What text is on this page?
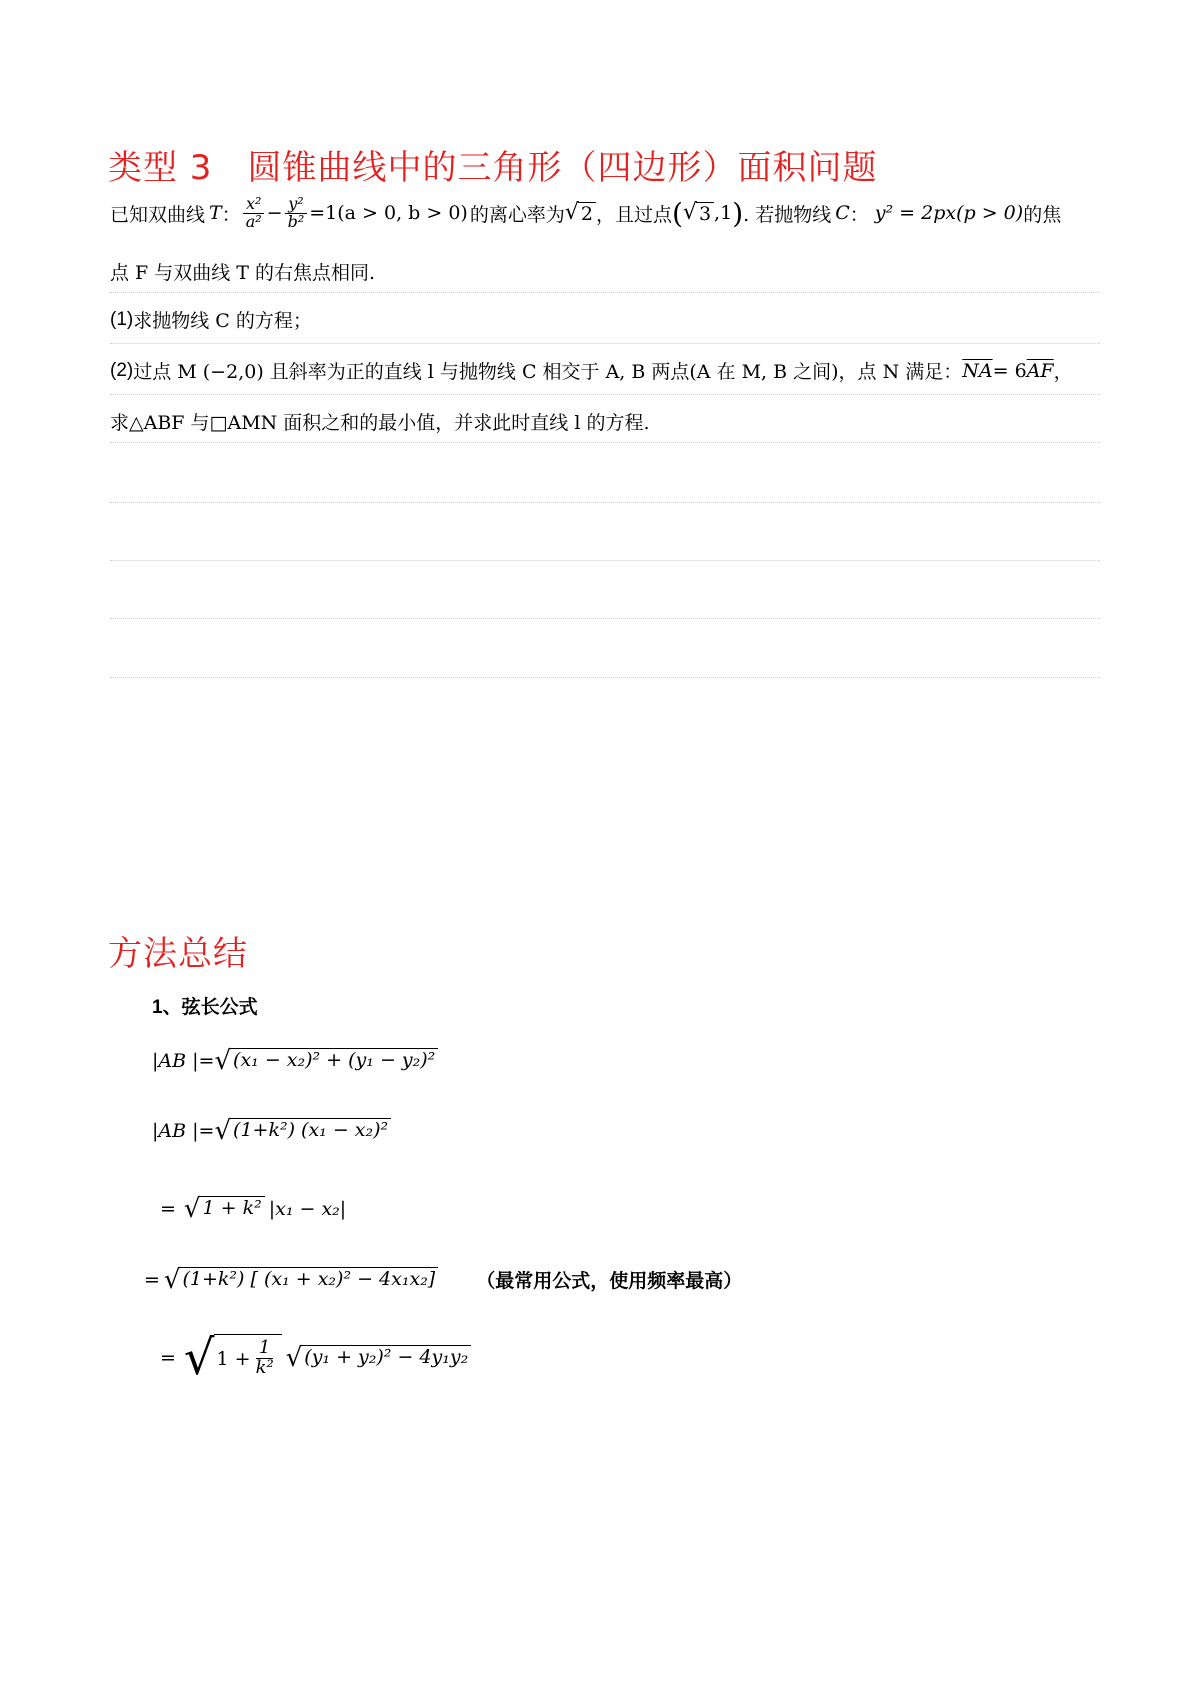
类型 3　圆锥曲线中的三角形（四边形）面积问题
已知双曲线 T ： $\frac{\text{x²}}{\text{a²}} - \frac{\text{y²}}{\text{b²}} =1(a > 0$, b > 0) 的离心率为 √ 2 ，且过点 ( √ 3 ,1 ) . 若抛物线 C ： y² = 2px(p > 0) 的焦
点 F 与双曲线 T 的右焦点相同.
(1) 求抛物线 C 的方程；
(2) 过点 M (−2,0) 且斜率为正的直线 l 与抛物线 C 相交于 A, B 两点(A 在 M, B 之间)，点 N 满足： $\overline{NA} = 6$ $\overline{AF}$ ，
求△ABF 与□AMN 面积之和的最小值，并求此时直线 l 的方程.
方法总结
1、弦长公式
|AB |= √ (x₁ − x₂)² + (y₁ − y₂)²
|AB |= √ (1+k²) (x₁ − x₂)²
= √ 1 + k² |x₁ − x₂|
= √ (1+k²) [ (x₁ + x₂)² − 4x₁x₂] （最常用公式，使用频率最高）
= √ $1 + \frac{1}{\text{k²}}$ √ (y₁ + y₂)² − 4y₁y₂
